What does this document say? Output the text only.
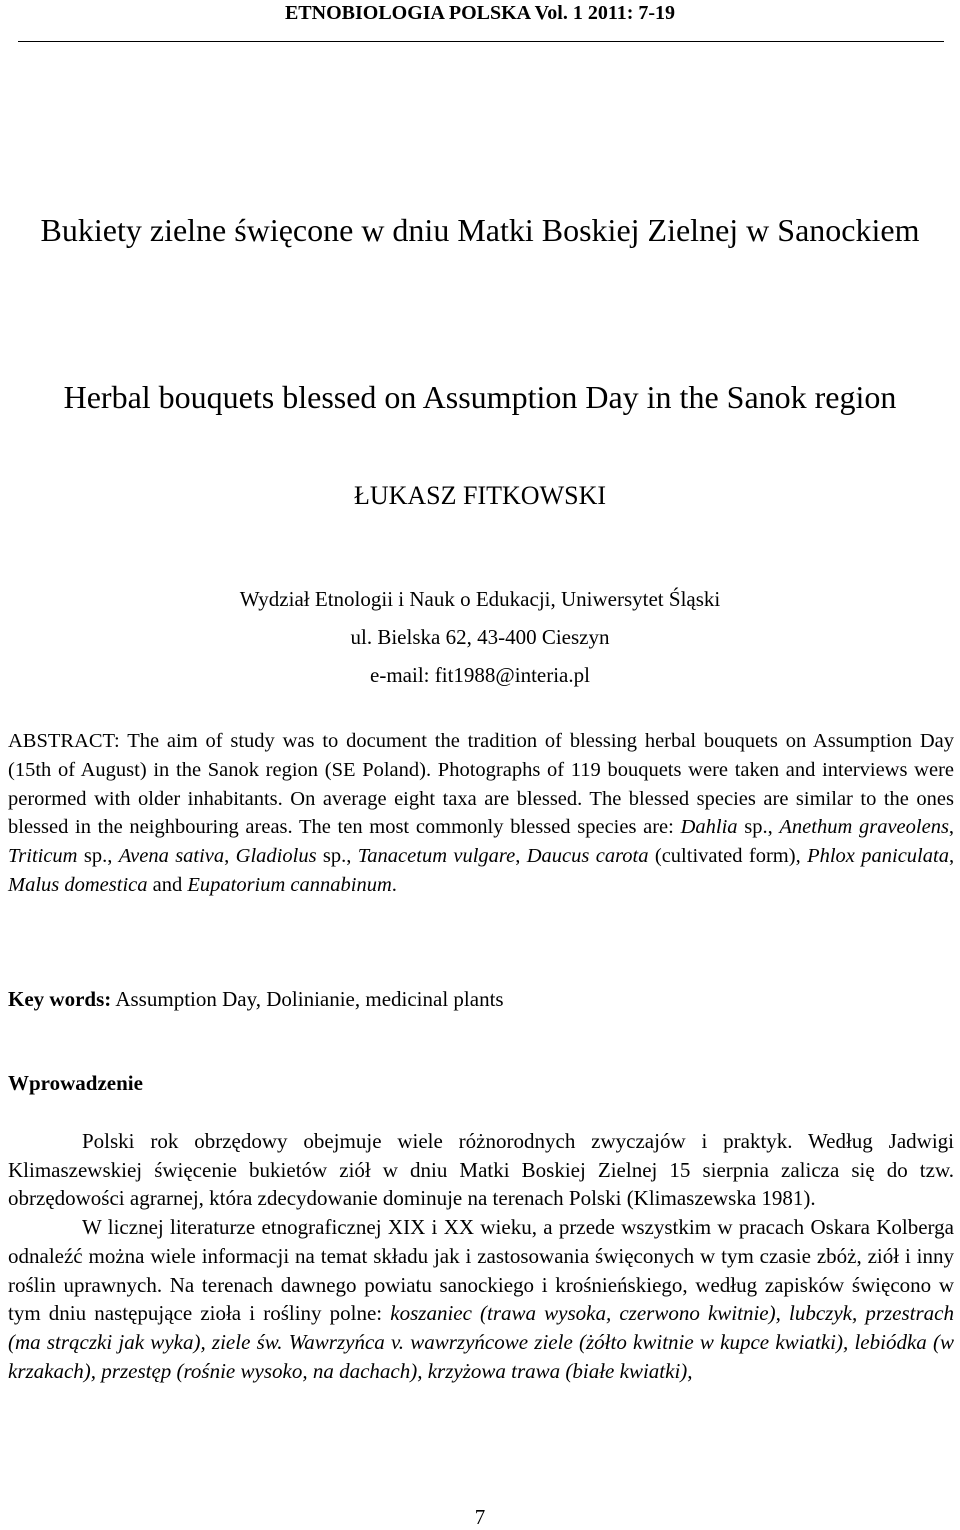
ETNOBIOLOGIA POLSKA Vol. 1 2011: 7-19
Bukiety zielne święcone w dniu Matki Boskiej Zielnej w Sanockiem
Herbal bouquets blessed on Assumption Day in the Sanok region
ŁUKASZ FITKOWSKI
Wydział Etnologii i Nauk o Edukacji, Uniwersytet Śląski
ul. Bielska 62, 43-400 Cieszyn
e-mail: fit1988@interia.pl
ABSTRACT: The aim of study was to document the tradition of blessing herbal bouquets on Assumption Day (15th of August) in the Sanok region (SE Poland). Photographs of 119 bouquets were taken and interviews were perormed with older inhabitants. On average eight taxa are blessed. The blessed species are similar to the ones blessed in the neighbouring areas. The ten most commonly blessed species are: Dahlia sp., Anethum graveolens, Triticum sp., Avena sativa, Gladiolus sp., Tanacetum vulgare, Daucus carota (cultivated form), Phlox paniculata, Malus domestica and Eupatorium cannabinum.
Key words: Assumption Day, Dolinianie, medicinal plants
Wprowadzenie

Polski rok obrzędowy obejmuje wiele różnorodnych zwyczajów i praktyk. Według Jadwigi Klimaszewskiej święcenie bukietów ziół w dniu Matki Boskiej Zielnej 15 sierpnia zalicza się do tzw. obrzędowości agrarnej, która zdecydowanie dominuje na terenach Polski (Klimaszewska 1981).

W licznej literaturze etnograficznej XIX i XX wieku, a przede wszystkim w pracach Oskara Kolberga odnaleźć można wiele informacji na temat składu jak i zastosowania święconych w tym czasie zbóż, ziół i inny roślin uprawnych. Na terenach dawnego powiatu sanockiego i krośnieńskiego, według zapisków święcono w tym dniu następujące zioła i rośliny polne: koszaniec (trawa wysoka, czerwono kwitnie), lubczyk, przestrach (ma strączki jak wyka), ziele św. Wawrzyńca v. wawrzyńcowe ziele (żółto kwitnie w kupce kwiatki), lebiódka (w krzakach), przestęp (rośnie wysoko, na dachach), krzyżowa trawa (białe kwiatki),

7
